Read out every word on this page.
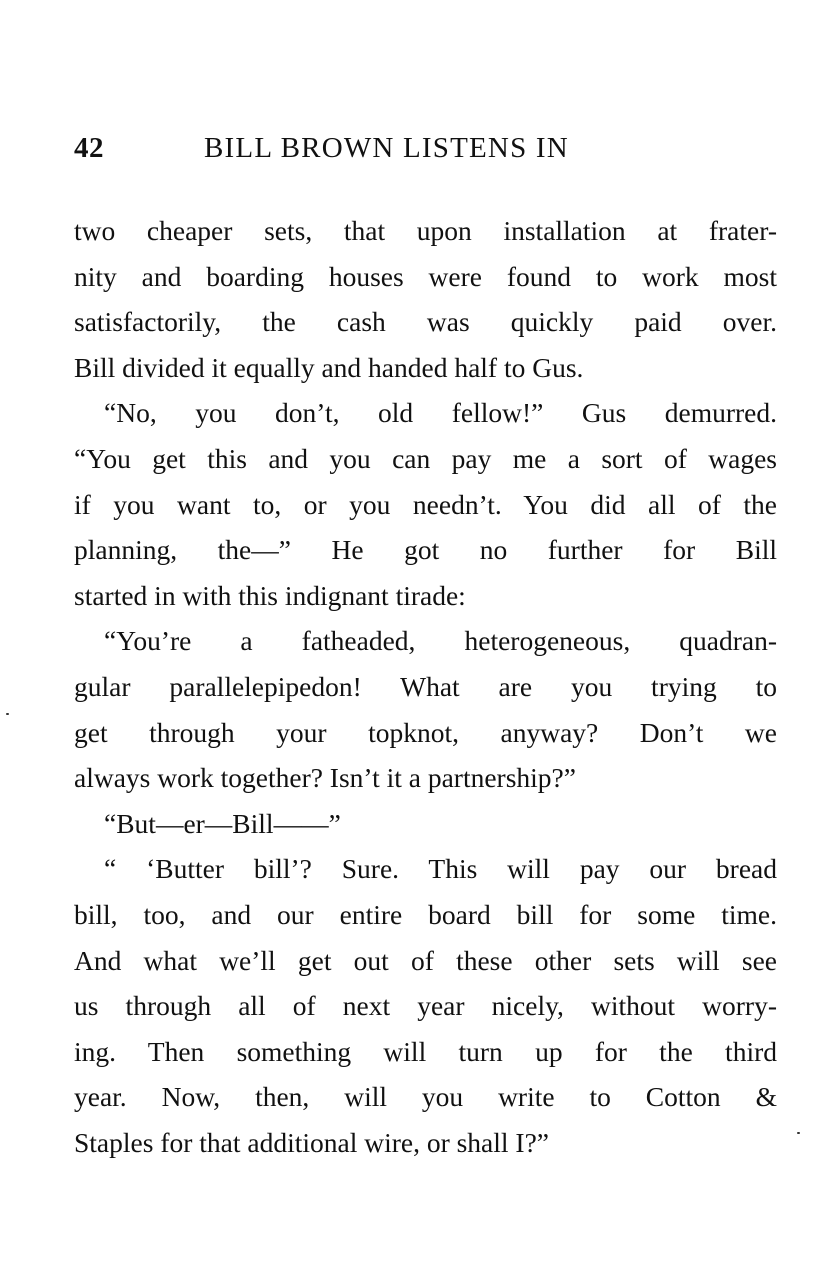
42	BILL BROWN LISTENS IN
two cheaper sets, that upon installation at frater-
nity and boarding houses were found to work most
satisfactorily, the cash was quickly paid over.
Bill divided it equally and handed half to Gus.
“No, you don’t, old fellow!” Gus demurred.
“You get this and you can pay me a sort of wages
if you want to, or you needn’t. You did all of the
planning, the—” He got no further for Bill
started in with this indignant tirade:
“You’re a fatheaded, heterogeneous, quadran-
gular parallelepipedon! What are you trying to
get through your topknot, anyway? Don’t we
always work together? Isn’t it a partnership?”
“But—er—Bill——”
“ ‘Butter bill’? Sure. This will pay our bread
bill, too, and our entire board bill for some time.
And what we’ll get out of these other sets will see
us through all of next year nicely, without worry-
ing. Then something will turn up for the third
year. Now, then, will you write to Cotton &
Staples for that additional wire, or shall I?”
